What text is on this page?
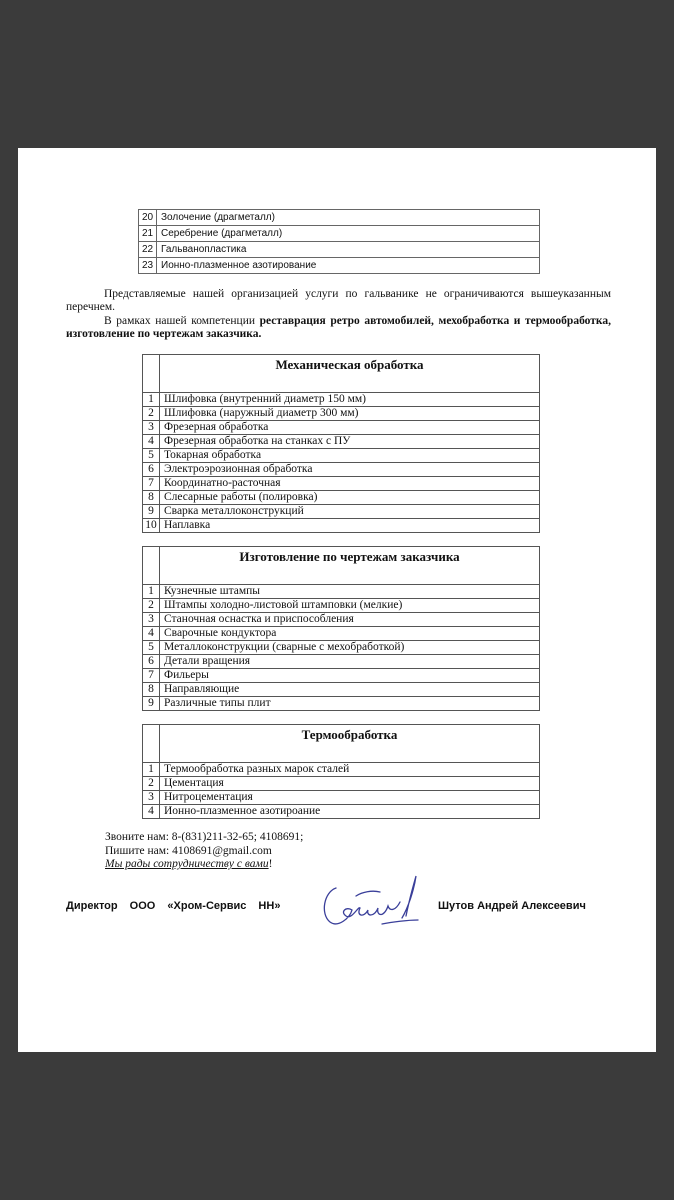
20	Золочение (драгметалл)
21	Серебрение (драгметалл)
22	Гальванопластика
23	Ионно-плазменное азотирование
Представляемые нашей организацией услуги по гальванике не ограничиваются вышеуказанным перечнем.
В рамках нашей компетенции реставрация ретро автомобилей, мехобработка и термообработка, изготовление по чертежам заказчика.
	Механическая обработка
1	Шлифовка (внутренний диаметр 150 мм)
2	Шлифовка (наружный диаметр 300 мм)
3	Фрезерная обработка
4	Фрезерная обработка на станках с ПУ
5	Токарная обработка
6	Электроэрозионная обработка
7	Координатно-расточная
8	Слесарные работы (полировка)
9	Сварка металлоконструкций
10	Наплавка
	Изготовление по чертежам заказчика
1	Кузнечные штампы
2	Штампы холодно-листовой штамповки (мелкие)
3	Станочная оснастка и приспособления
4	Сварочные кондуктора
5	Металлоконструкции (сварные с мехобработкой)
6	Детали вращения
7	Фильеры
8	Направляющие
9	Различные типы плит
	Термообработка
1	Термообработка разных марок сталей
2	Цементация
3	Нитроцементация
4	Ионно-плазменное азотироание
Звоните нам: 8-(831)211-32-65; 4108691;
Пишите нам: 4108691@gmail.com
Мы рады сотрудничеству с вами!
Директор ООО «Хром-Сервис НН»	Шутов Андрей Алексеевич
